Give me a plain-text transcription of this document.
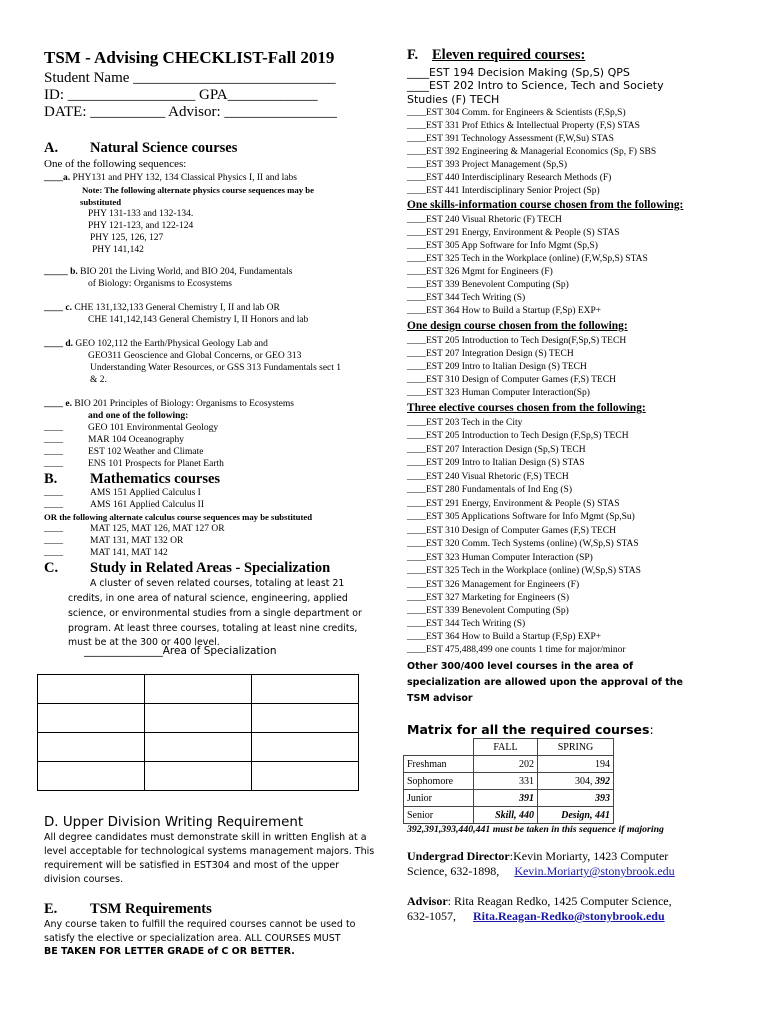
TSM - Advising CHECKLIST-Fall 2019
Student Name ___________________________
ID: _________________ GPA____________
DATE: __________ Advisor: _______________
A. Natural Science courses
One of the following sequences:
____a. PHY131 and PHY 132, 134 Classical Physics I, II and labs
Note: The following alternate physics course sequences may be
substituted
PHY 131-133 and 132-134.
PHY 121-123, and 122-124
PHY 125, 126, 127
PHY 141,142
_____ b. BIO 201 the Living World, and BIO 204, Fundamentals
of Biology: Organisms to Ecosystems
____ c. CHE 131,132,133 General Chemistry I, II and lab OR
CHE 141,142,143 General Chemistry I, II Honors and lab
____ d. GEO 102,112 the Earth/Physical Geology Lab and
GEO311 Geoscience and Global Concerns, or GEO 313
Understanding Water Resources, or GSS 313 Fundamentals sect 1
& 2.
____ e. BIO 201 Principles of Biology: Organisms to Ecosystems
and one of the following:
____	GEO 101 Environmental Geology
____	MAR 104 Oceanography
____	EST 102 Weather and Climate
____	ENS 101 Prospects for Planet Earth
B. Mathematics courses
____	AMS 151 Applied Calculus I
____	AMS 161 Applied Calculus II
OR the following alternate calculus course sequences may be substituted
____	MAT 125, MAT 126, MAT 127 OR
____	MAT 131, MAT 132 OR
____	MAT 141, MAT 142
C. Study in Related Areas - Specialization
A cluster of seven related courses, totaling at least 21
credits, in one area of natural science, engineering, applied
science, or environmental studies from a single department or
program. At least three courses, totaling at least nine credits,
must be at the 300 or 400 level.
_______________Area of Specialization

D. Upper Division Writing Requirement
All degree candidates must demonstrate skill in written English at a
level acceptable for technological systems management majors. This
requirement will be satisfied in EST304 and most of the upper
division courses.
E. TSM Requirements
Any course taken to fulfill the required courses cannot be used to
satisfy the elective or specialization area. ALL COURSES MUST
BE TAKEN FOR LETTER GRADE of C OR BETTER.
F. Eleven required courses:
____EST 194 Decision Making (Sp,S) QPS
____EST 202 Intro to Science, Tech and Society
Studies (F) TECH
____EST 304 Comm. for Engineers & Scientists (F,Sp,S)
____EST 331 Prof Ethics & Intellectual Property (F,S) STAS
____EST 391 Technology Assessment (F,W,Su) STAS
____EST 392 Engineering & Managerial Economics (Sp, F) SBS
____EST 393 Project Management (Sp,S)
____EST 440 Interdisciplinary Research Methods (F)
____EST 441 Interdisciplinary Senior Project (Sp)
One skills-information course chosen from the following:
____EST 240 Visual Rhetoric (F) TECH
____EST 291 Energy, Environment & People (S) STAS
____EST 305 App Software for Info Mgmt (Sp,S)
____EST 325 Tech in the Workplace (online) (F,W,Sp,S) STAS
____EST 326 Mgmt for Engineers (F)
____EST 339 Benevolent Computing (Sp)
____EST 344 Tech Writing (S)
____EST 364 How to Build a Startup (F,Sp) EXP+
One design course chosen from the following:
____EST 205 Introduction to Tech Design(F,Sp,S) TECH
____EST 207 Integration Design (S) TECH
____EST 209 Intro to Italian Design (S) TECH
____EST 310 Design of Computer Games (F,S) TECH
____EST 323 Human Computer Interaction(Sp)
Three elective courses chosen from the following:
____EST 203 Tech in the City
____EST 205 Introduction to Tech Design (F,Sp,S) TECH
____EST 207 Interaction Design (Sp,S) TECH
____EST 209 Intro to Italian Design (S) STAS
____EST 240 Visual Rhetoric (F,S) TECH
____EST 280 Fundamentals of Ind Eng (S)
____EST 291 Energy, Environment & People (S) STAS
____EST 305 Applications Software for Info Mgmt (Sp,Su)
____EST 310 Design of Computer Games (F,S) TECH
____EST 320 Comm. Tech Systems (online) (W,Sp,S) STAS
____EST 323 Human Computer Interaction (SP)
____EST 325 Tech in the Workplace (online) (W,Sp,S) STAS
____EST 326 Management for Engineers (F)
____EST 327 Marketing for Engineers (S)
____EST 339 Benevolent Computing (Sp)
____EST 344 Tech Writing (S)
____EST 364 How to Build a Startup (F,Sp) EXP+
____EST 475,488,499 one counts 1 time for major/minor
Other 300/400 level courses in the area of
specialization are allowed upon the approval of the
TSM advisor
Matrix for all the required courses:
	FALL	SPRING
Freshman	202	194
Sophomore	331	304, 392
Junior	391	393
Senior	Skill, 440	Design, 441
392,391,393,440,441 must be taken in this sequence if majoring
Undergrad Director:Kevin Moriarty, 1423 Computer
Science, 632-1898, Kevin.Moriarty@stonybrook.edu
Advisor: Rita Reagan Redko, 1425 Computer Science,
632-1057, Rita.Reagan-Redko@stonybrook.edu
